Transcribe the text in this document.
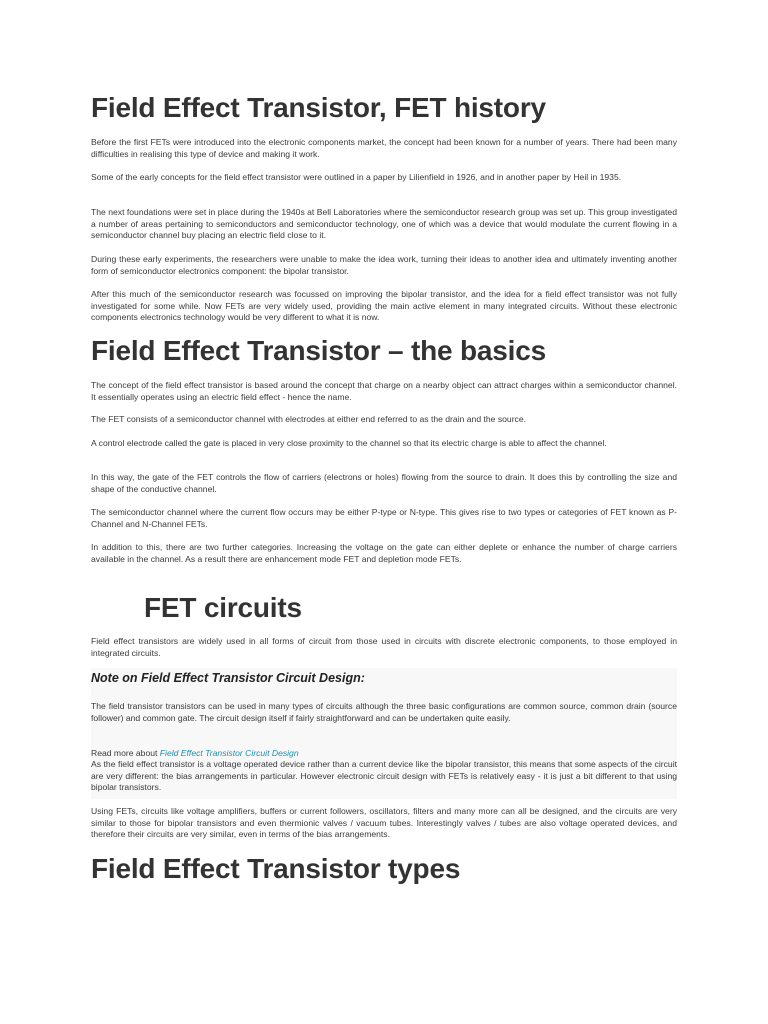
Field Effect Transistor, FET history

Before the first FETs were introduced into the electronic components market, the concept had been known for a number of years. There had been many difficulties in realising this type of device and making it work.

Some of the early concepts for the field effect transistor were outlined in a paper by Lilienfield in 1926, and in another paper by Heil in 1935.

The next foundations were set in place during the 1940s at Bell Laboratories where the semiconductor research group was set up. This group investigated a number of areas pertaining to semiconductors and semiconductor technology, one of which was a device that would modulate the current flowing in a semiconductor channel buy placing an electric field close to it.

During these early experiments, the researchers were unable to make the idea work, turning their ideas to another idea and ultimately inventing another form of semiconductor electronics component: the bipolar transistor.

After this much of the semiconductor research was focussed on improving the bipolar transistor, and the idea for a field effect transistor was not fully investigated for some while. Now FETs are very widely used, providing the main active element in many integrated circuits. Without these electronic components electronics technology would be very different to what it is now.

Field Effect Transistor – the basics

The concept of the field effect transistor is based around the concept that charge on a nearby object can attract charges within a semiconductor channel. It essentially operates using an electric field effect - hence the name.

The FET consists of a semiconductor channel with electrodes at either end referred to as the drain and the source.

A control electrode called the gate is placed in very close proximity to the channel so that its electric charge is able to affect the channel.

In this way, the gate of the FET controls the flow of carriers (electrons or holes) flowing from the source to drain. It does this by controlling the size and shape of the conductive channel.

The semiconductor channel where the current flow occurs may be either P-type or N-type. This gives rise to two types or categories of FET known as P-Channel and N-Channel FETs.

In addition to this, there are two further categories. Increasing the voltage on the gate can either deplete or enhance the number of charge carriers available in the channel. As a result there are enhancement mode FET and depletion mode FETs.

FET circuits

Field effect transistors are widely used in all forms of circuit from those used in circuits with discrete electronic components, to those employed in integrated circuits.

Note on Field Effect Transistor Circuit Design:

The field transistor transistors can be used in many types of circuits although the three basic configurations are common source, common drain (source follower) and common gate. The circuit design itself if fairly straightforward and can be undertaken quite easily.

Read more about Field Effect Transistor Circuit Design

As the field effect transistor is a voltage operated device rather than a current device like the bipolar transistor, this means that some aspects of the circuit are very different: the bias arrangements in particular. However electronic circuit design with FETs is relatively easy - it is just a bit different to that using bipolar transistors.

Using FETs, circuits like voltage amplifiers, buffers or current followers, oscillators, filters and many more can all be designed, and the circuits are very similar to those for bipolar transistors and even thermionic valves / vacuum tubes. Interestingly valves / tubes are also voltage operated devices, and therefore their circuits are very similar, even in terms of the bias arrangements.

Field Effect Transistor types
